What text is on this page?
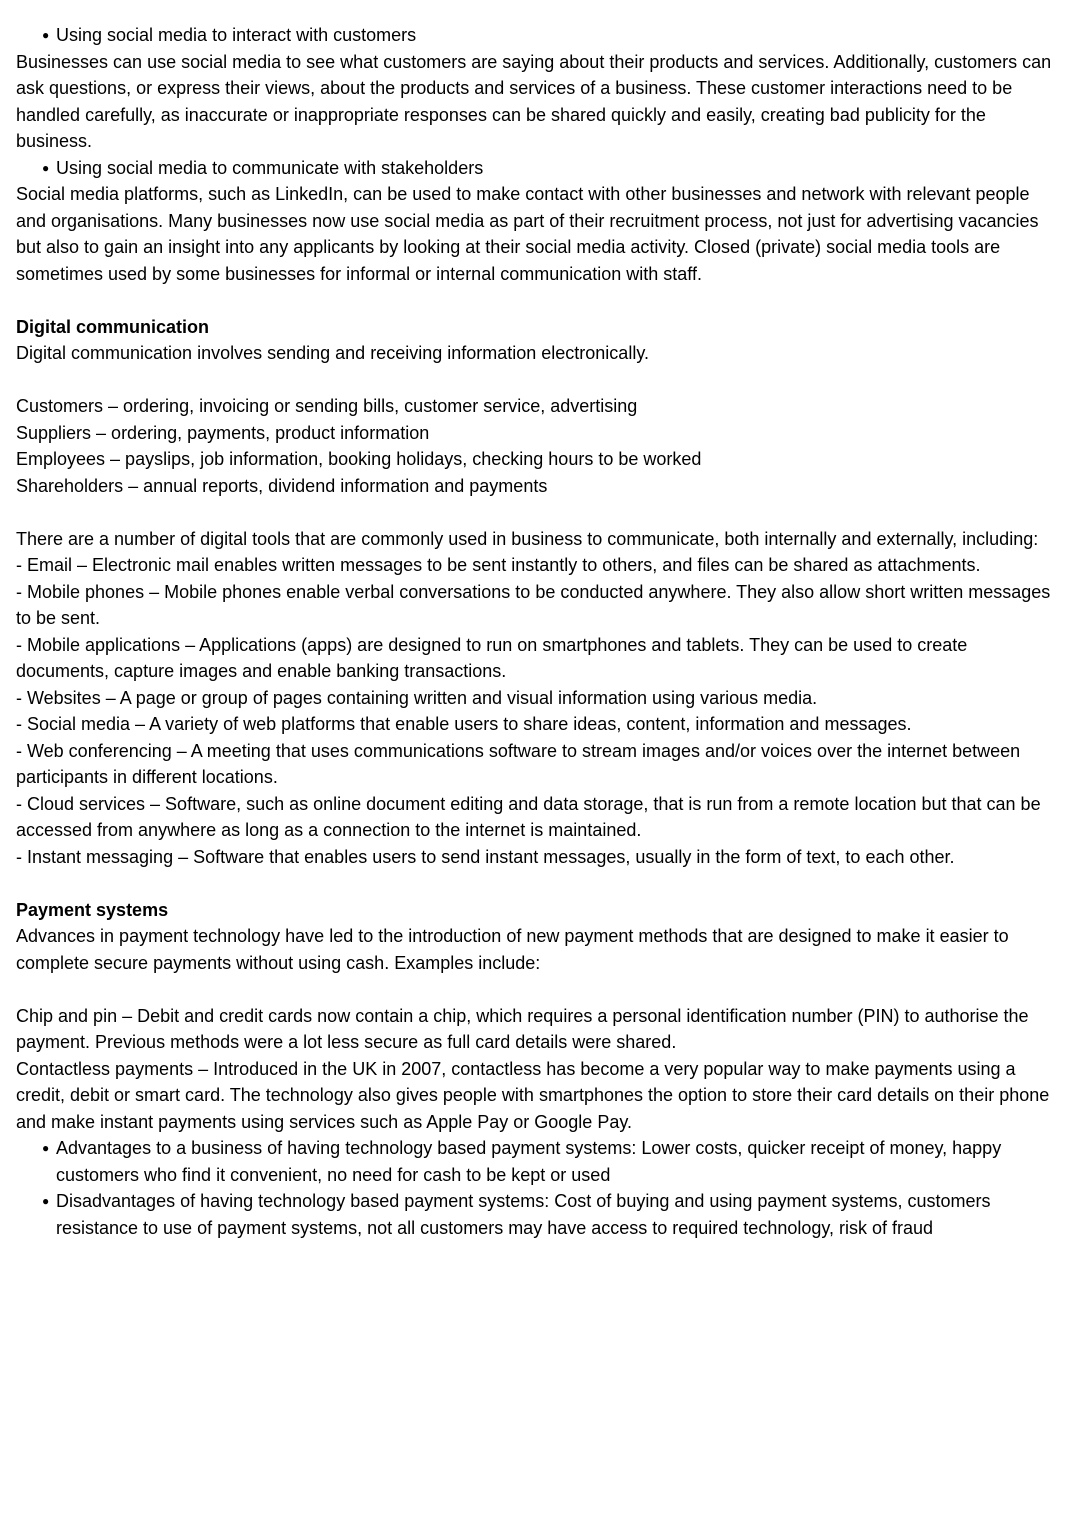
● Using social media to interact with customers

Businesses can use social media to see what customers are saying about their products and services. Additionally, customers can ask questions, or express their views, about the products and services of a business. These customer interactions need to be handled carefully, as inaccurate or inappropriate responses can be shared quickly and easily, creating bad publicity for the business.

● Using social media to communicate with stakeholders

Social media platforms, such as LinkedIn, can be used to make contact with other businesses and network with relevant people and organisations. Many businesses now use social media as part of their recruitment process, not just for advertising vacancies but also to gain an insight into any applicants by looking at their social media activity. Closed (private) social media tools are sometimes used by some businesses for informal or internal communication with staff.

Digital communication

Digital communication involves sending and receiving information electronically.

Customers – ordering, invoicing or sending bills, customer service, advertising

Suppliers – ordering, payments, product information

Employees – payslips, job information, booking holidays, checking hours to be worked

Shareholders – annual reports, dividend information and payments

There are a number of digital tools that are commonly used in business to communicate, both internally and externally, including:

- Email – Electronic mail enables written messages to be sent instantly to others, and files can be shared as attachments.

- Mobile phones – Mobile phones enable verbal conversations to be conducted anywhere. They also allow short written messages to be sent.

- Mobile applications – Applications (apps) are designed to run on smartphones and tablets. They can be used to create documents, capture images and enable banking transactions.

- Websites – A page or group of pages containing written and visual information using various media.

- Social media – A variety of web platforms that enable users to share ideas, content, information and messages.

- Web conferencing – A meeting that uses communications software to stream images and/or voices over the internet between participants in different locations.

- Cloud services – Software, such as online document editing and data storage, that is run from a remote location but that can be accessed from anywhere as long as a connection to the internet is maintained.

- Instant messaging – Software that enables users to send instant messages, usually in the form of text, to each other.

Payment systems

Advances in payment technology have led to the introduction of new payment methods that are designed to make it easier to complete secure payments without using cash. Examples include:

Chip and pin – Debit and credit cards now contain a chip, which requires a personal identification number (PIN) to authorise the payment. Previous methods were a lot less secure as full card details were shared.

Contactless payments – Introduced in the UK in 2007, contactless has become a very popular way to make payments using a credit, debit or smart card. The technology also gives people with smartphones the option to store their card details on their phone and make instant payments using services such as Apple Pay or Google Pay.

● Advantages to a business of having technology based payment systems: Lower costs, quicker receipt of money, happy customers who find it convenient, no need for cash to be kept or used
● Disadvantages of having technology based payment systems: Cost of buying and using payment systems, customers resistance to use of payment systems, not all customers may have access to required technology, risk of fraud
